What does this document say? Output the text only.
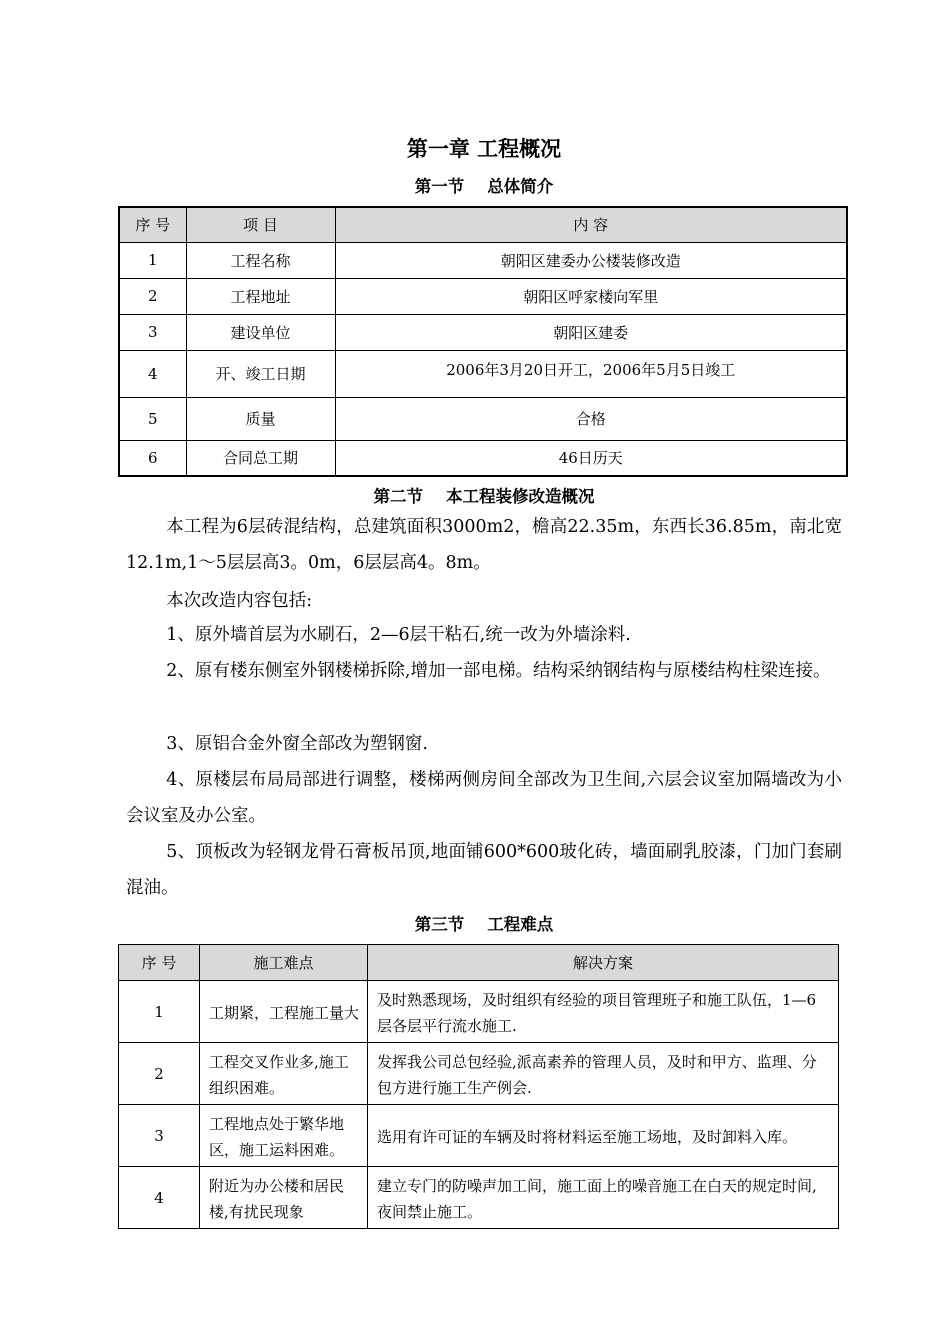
第一章 工程概况
第一节    总体简介
序 号	项 目	内 容
1	工程名称	朝阳区建委办公楼装修改造
2	工程地址	朝阳区呼家楼向军里
3	建设单位	朝阳区建委
4	开、竣工日期	2006年3月20日开工，2006年5月5日竣工
5	质量	合格
6	合同总工期	46日历天
第二节    本工程装修改造概况

本工程为6层砖混结构，总建筑面积3000m2，檐高22.35m，东西长36.85m，南北宽12.1m,1～5层层高3。0m，6层层高4。8m。

本次改造内容包括:

1、原外墙首层为水刷石，2—6层干粘石,统一改为外墙涂料.

2、原有楼东侧室外钢楼梯拆除,增加一部电梯。结构采纳钢结构与原楼结构柱梁连接。

3、原铝合金外窗全部改为塑钢窗.

4、原楼层布局局部进行调整，楼梯两侧房间全部改为卫生间,六层会议室加隔墙改为小会议室及办公室。

5、顶板改为轻钢龙骨石膏板吊顶,地面铺600*600玻化砖，墙面刷乳胶漆，门加门套刷混油。

第三节    工程难点
序 号	施工难点	解决方案
1	工期紧，工程施工量大	及时熟悉现场，及时组织有经验的项目管理班子和施工队伍，1—6层各层平行流水施工.
2	工程交叉作业多,施工组织困难。	发挥我公司总包经验,派高素养的管理人员，及时和甲方、监理、分包方进行施工生产例会.
3	工程地点处于繁华地区，施工运料困难。	选用有许可证的车辆及时将材料运至施工场地，及时卸料入库。
4	附近为办公楼和居民楼,有扰民现象	建立专门的防噪声加工间，施工面上的噪音施工在白天的规定时间,夜间禁止施工。
